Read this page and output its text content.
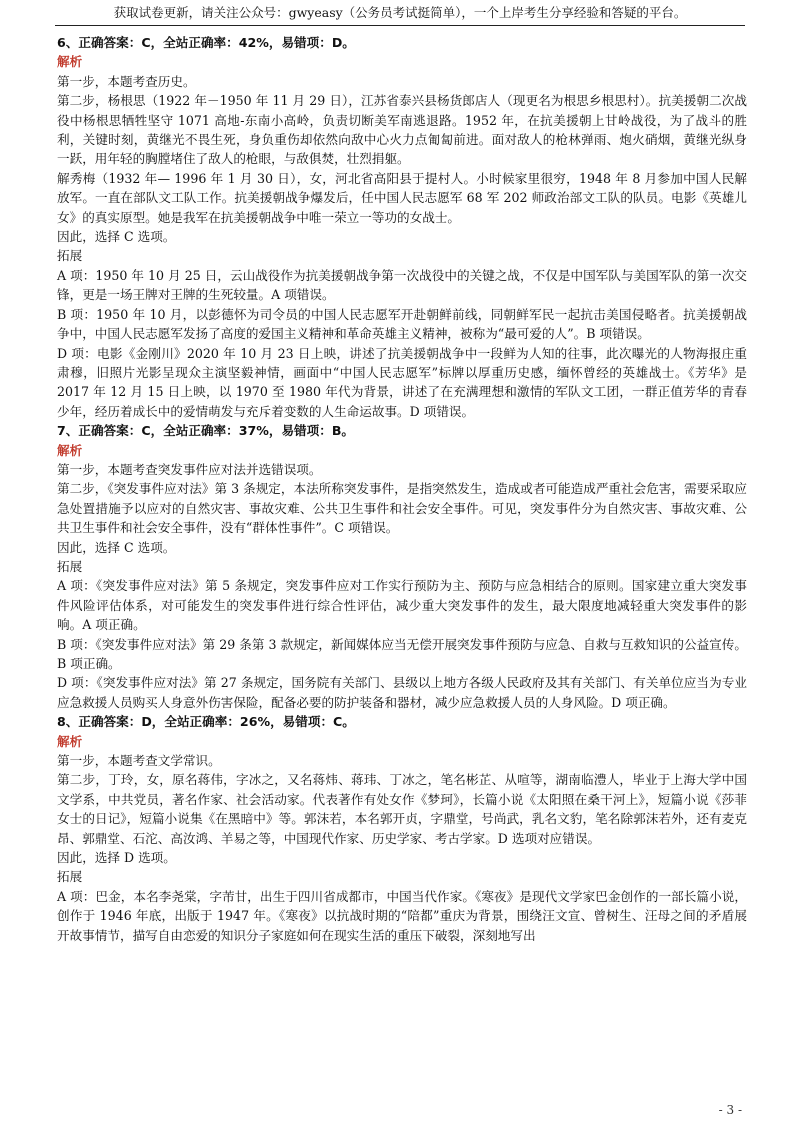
获取试卷更新，请关注公众号：gwyeasy（公务员考试挺简单），一个上岸考生分享经验和答疑的平台。

6、正确答案：C，全站正确率：42%，易错项：D。

解析

第一步，本题考查历史。

第二步，杨根思（1922 年－1950 年 11 月 29 日），江苏省泰兴县杨货郎店人（现更名为根思乡根思村）。抗美援朝二次战役中杨根思牺牲坚守 1071 高地-东南小高岭，负责切断美军南逃退路。1952 年，在抗美援朝上甘岭战役，为了战斗的胜利，关键时刻，黄继光不畏生死，身负重伤却依然向敌中心火力点匍匐前进。面对敌人的枪林弹雨、炮火硝烟，黄继光纵身一跃，用年轻的胸膛堵住了敌人的枪眼，与敌俱焚，壮烈捐躯。

解秀梅（1932 年— 1996 年 1 月 30 日），女，河北省高阳县于提村人。小时候家里很穷，1948 年 8 月参加中国人民解放军。一直在部队文工队工作。抗美援朝战争爆发后，任中国人民志愿军 68 军 202 师政治部文工队的队员。电影《英雄儿女》的真实原型。她是我军在抗美援朝战争中唯一荣立一等功的女战士。

因此，选择 C 选项。

拓展

A 项：1950 年 10 月 25 日，云山战役作为抗美援朝战争第一次战役中的关键之战，不仅是中国军队与美国军队的第一次交锋，更是一场王牌对王牌的生死较量。A 项错误。

B 项：1950 年 10 月，以彭德怀为司令员的中国人民志愿军开赴朝鲜前线，同朝鲜军民一起抗击美国侵略者。抗美援朝战争中，中国人民志愿军发扬了高度的爱国主义精神和革命英雄主义精神，被称为“最可爱的人”。B 项错误。

D 项：电影《金刚川》2020 年 10 月 23 日上映，讲述了抗美援朝战争中一段鲜为人知的往事，此次曝光的人物海报庄重肃穆，旧照片光影呈现众主演坚毅神情，画面中“中国人民志愿军”标牌以厚重历史感，缅怀曾经的英雄战士。《芳华》是 2017 年 12 月 15 日上映，以 1970 至 1980 年代为背景，讲述了在充满理想和激情的军队文工团，一群正值芳华的青春少年，经历着成长中的爱情萌发与充斥着变数的人生命运故事。D 项错误。

7、正确答案：C，全站正确率：37%，易错项：B。

解析

第一步，本题考查突发事件应对法并选错误项。

第二步，《突发事件应对法》第 3 条规定，本法所称突发事件，是指突然发生，造成或者可能造成严重社会危害，需要采取应急处置措施予以应对的自然灾害、事故灾难、公共卫生事件和社会安全事件。可见，突发事件分为自然灾害、事故灾难、公共卫生事件和社会安全事件，没有“群体性事件”。C 项错误。

因此，选择 C 选项。

拓展

A 项：《突发事件应对法》第 5 条规定，突发事件应对工作实行预防为主、预防与应急相结合的原则。国家建立重大突发事件风险评估体系，对可能发生的突发事件进行综合性评估，减少重大突发事件的发生，最大限度地减轻重大突发事件的影响。A 项正确。

B 项：《突发事件应对法》第 29 条第 3 款规定，新闻媒体应当无偿开展突发事件预防与应急、自救与互救知识的公益宣传。B 项正确。

D 项：《突发事件应对法》第 27 条规定，国务院有关部门、县级以上地方各级人民政府及其有关部门、有关单位应当为专业应急救援人员购买人身意外伤害保险，配备必要的防护装备和器材，减少应急救援人员的人身风险。D 项正确。

8、正确答案：D，全站正确率：26%，易错项：C。

解析

第一步，本题考查文学常识。

第二步，丁玲，女，原名蒋伟，字冰之，又名蒋炜、蒋玮、丁冰之，笔名彬芷、从喧等，湖南临澧人，毕业于上海大学中国文学系，中共党员，著名作家、社会活动家。代表著作有处女作《梦珂》，长篇小说《太阳照在桑干河上》，短篇小说《莎菲女士的日记》，短篇小说集《在黑暗中》等。郭沫若，本名郭开贞，字鼎堂，号尚武，乳名文豹，笔名除郭沫若外，还有麦克昂、郭鼎堂、石沱、高汝鸿、羊易之等，中国现代作家、历史学家、考古学家。D 选项对应错误。

因此，选择 D 选项。

拓展

A 项：巴金，本名李尧棠，字芾甘，出生于四川省成都市，中国当代作家。《寒夜》是现代文学家巴金创作的一部长篇小说，创作于 1946 年底，出版于 1947 年。《寒夜》以抗战时期的“陪都”重庆为背景，围绕汪文宣、曾树生、汪母之间的矛盾展开故事情节，描写自由恋爱的知识分子家庭如何在现实生活的重压下破裂，深刻地写出

- 3 -
